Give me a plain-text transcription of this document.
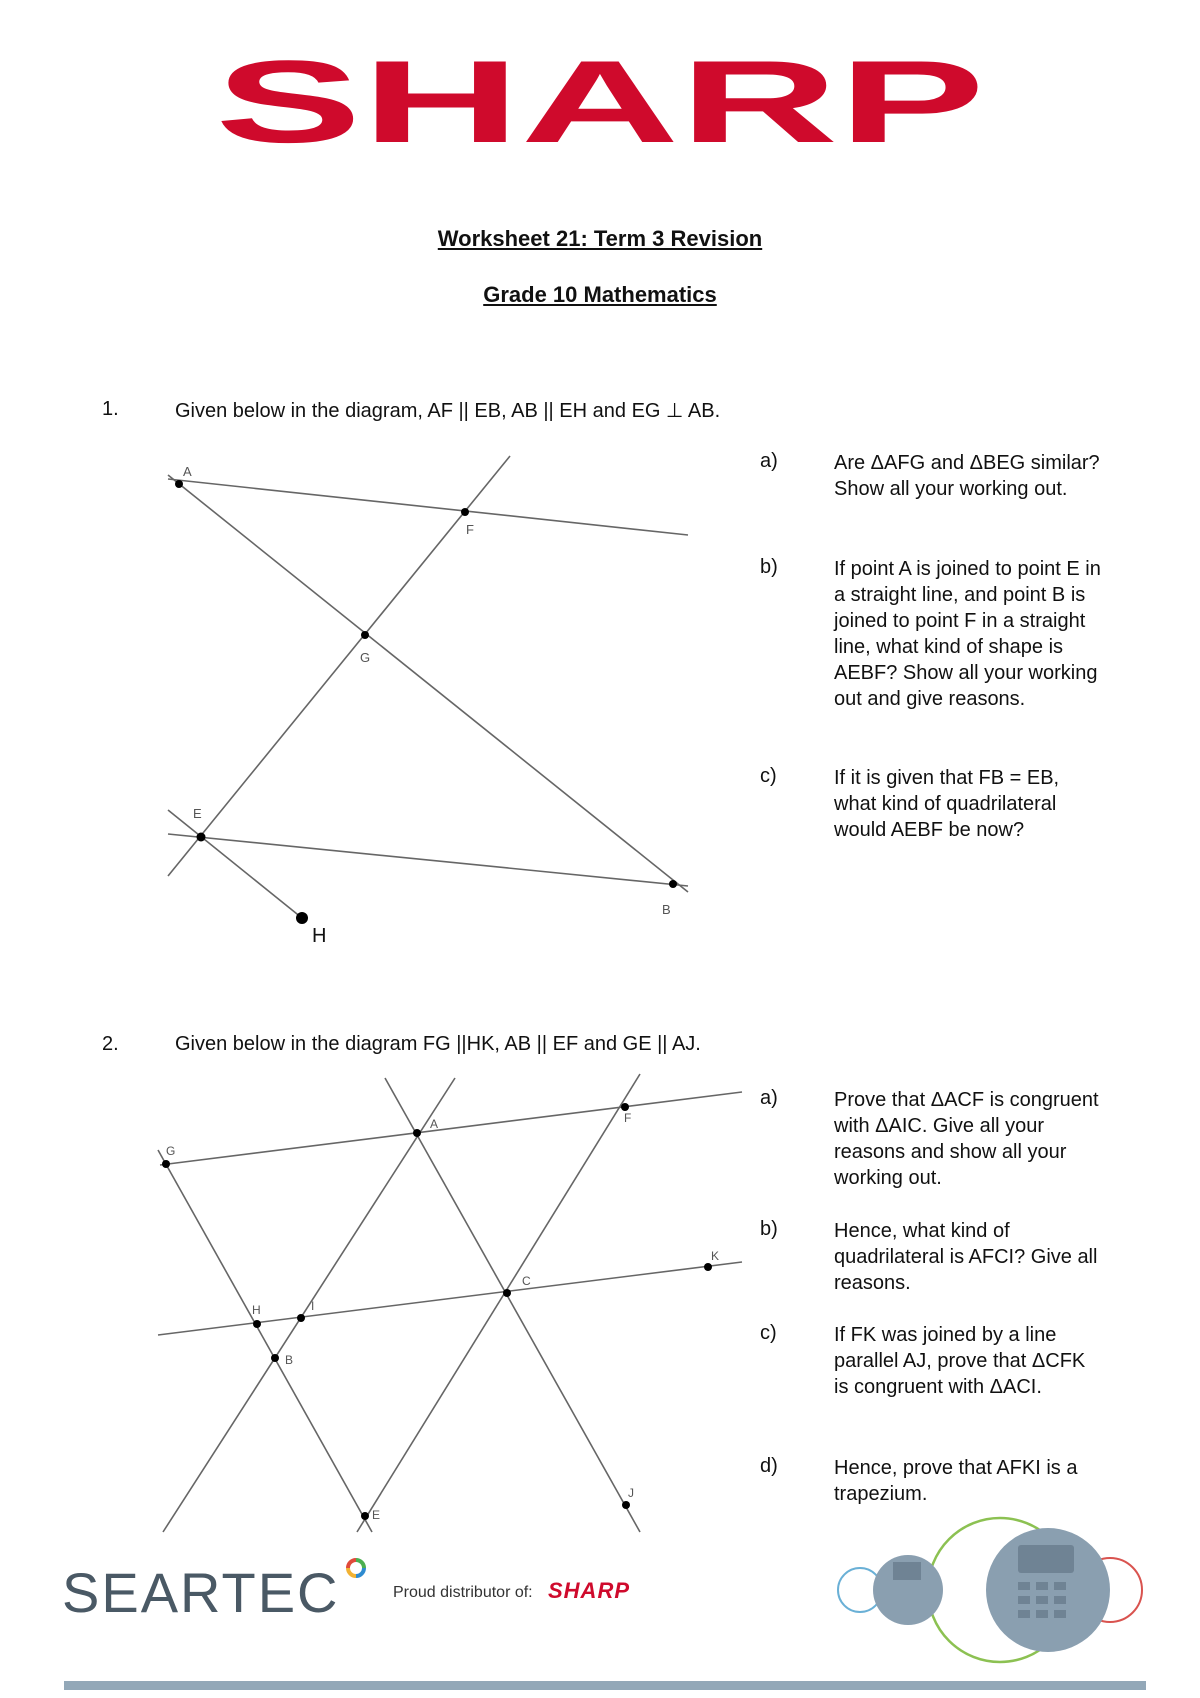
SHARP
Worksheet 21: Term 3 Revision
Grade 10 Mathematics
1.	Given below in the diagram, AF || EB, AB || EH and EG ⊥ AB.
a)	Are ΔAFG and ΔBEG similar? Show all your working out.
b)	If point A is joined to point E in a straight line, and point B is joined to point F in a straight line, what kind of shape is AEBF? Show all your working out and give reasons.
c)	If it is given that FB = EB, what kind of quadrilateral would AEBF be now?
A
F
G
E
B
H
2.	Given below in the diagram FG ||HK, AB || EF and GE || AJ.
a)	Prove that ΔACF is congruent with ΔAIC. Give all your reasons and show all your working out.
b)	Hence, what kind of quadrilateral is AFCI? Give all reasons.
c)	If FK was joined by a line parallel AJ, prove that ΔCFK is congruent with ΔACI.
d)	Hence, prove that AFKI is a trapezium.
G
A	F
K
C
H	I
B
J
E
SEARTEC	Proud distributor of: SHARP
